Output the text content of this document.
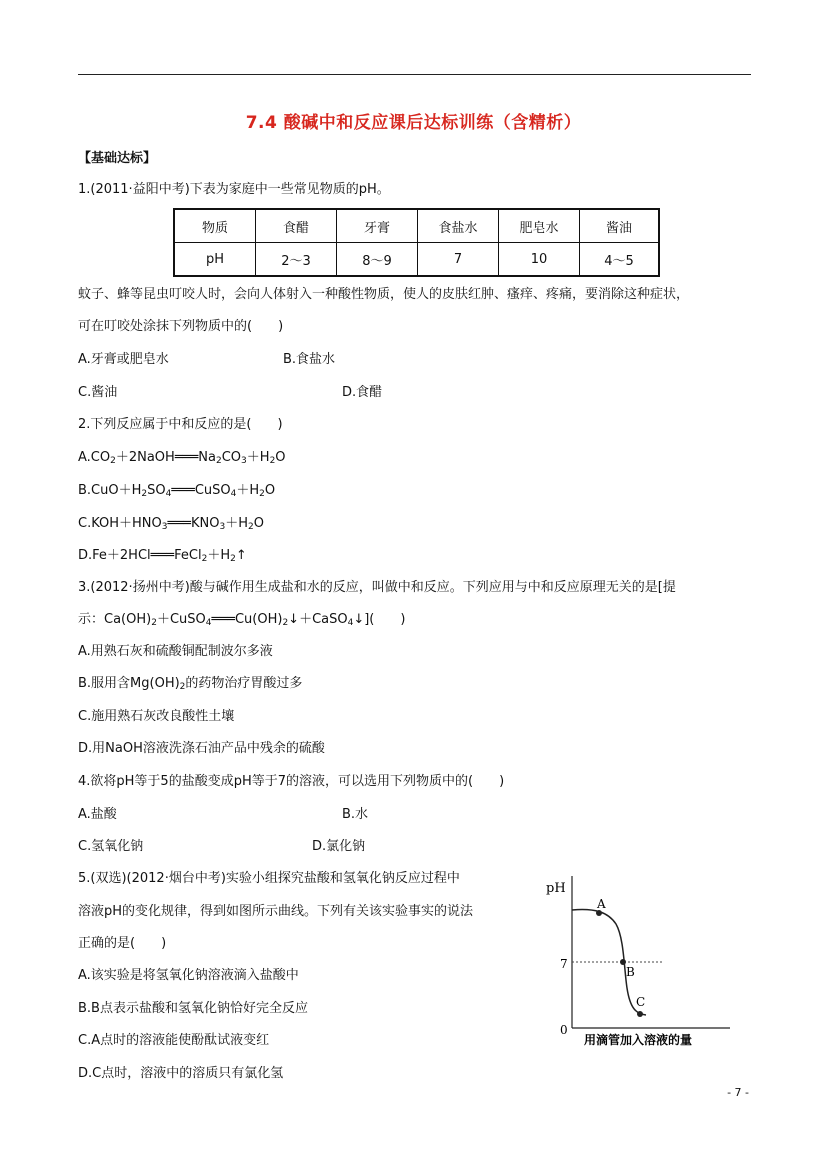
7.4 酸碱中和反应课后达标训练（含精析）
【基础达标】
1.(2011·益阳中考)下表为家庭中一些常见物质的pH。
物质	食醋	牙膏	食盐水	肥皂水	酱油
pH	2～3	8～9	7	10	4～5
蚊子、蜂等昆虫叮咬人时，会向人体射入一种酸性物质，使人的皮肤红肿、瘙痒、疼痛，要消除这种症状，
可在叮咬处涂抹下列物质中的(　　)
A.牙膏或肥皂水	B.食盐水
C.酱油	D.食醋
2.下列反应属于中和反应的是(　　)
$A.CO_2+2NaOH═══Na_2CO_3+H_2O$
$B.CuO+H_2SO_4═══CuSO_4+H_2O$
$C.KOH+HNO_3═══KNO_3+H_2O$
$D.Fe+2HCl═══FeCl_2+H_2↑$
3.(2012·扬州中考)酸与碱作用生成盐和水的反应，叫做中和反应。下列应用与中和反应原理无关的是[提
示：$Ca(OH)_2+CuSO_4═══Cu(OH)_2↓+CaSO_4↓$](　　)
A.用熟石灰和硫酸铜配制波尔多液
B.服用含$Mg(OH)_2$的药物治疗胃酸过多
C.施用熟石灰改良酸性土壤
D.用NaOH溶液洗涤石油产品中残余的硫酸
4.欲将pH等于5的盐酸变成pH等于7的溶液，可以选用下列物质中的(　　)
A.盐酸	B.水
C.氢氧化钠	D.氯化钠
5.(双选)(2012·烟台中考)实验小组探究盐酸和氢氧化钠反应过程中
溶液pH的变化规律，得到如图所示曲线。下列有关该实验事实的说法
正确的是(　　)
A.该实验是将氢氧化钠溶液滴入盐酸中
B.B点表示盐酸和氢氧化钠恰好完全反应
C.A点时的溶液能使酚酞试液变红
D.C点时，溶液中的溶质只有氯化氢
pH
7
0
A
B
C
用滴管加入溶液的量
- 7 -
